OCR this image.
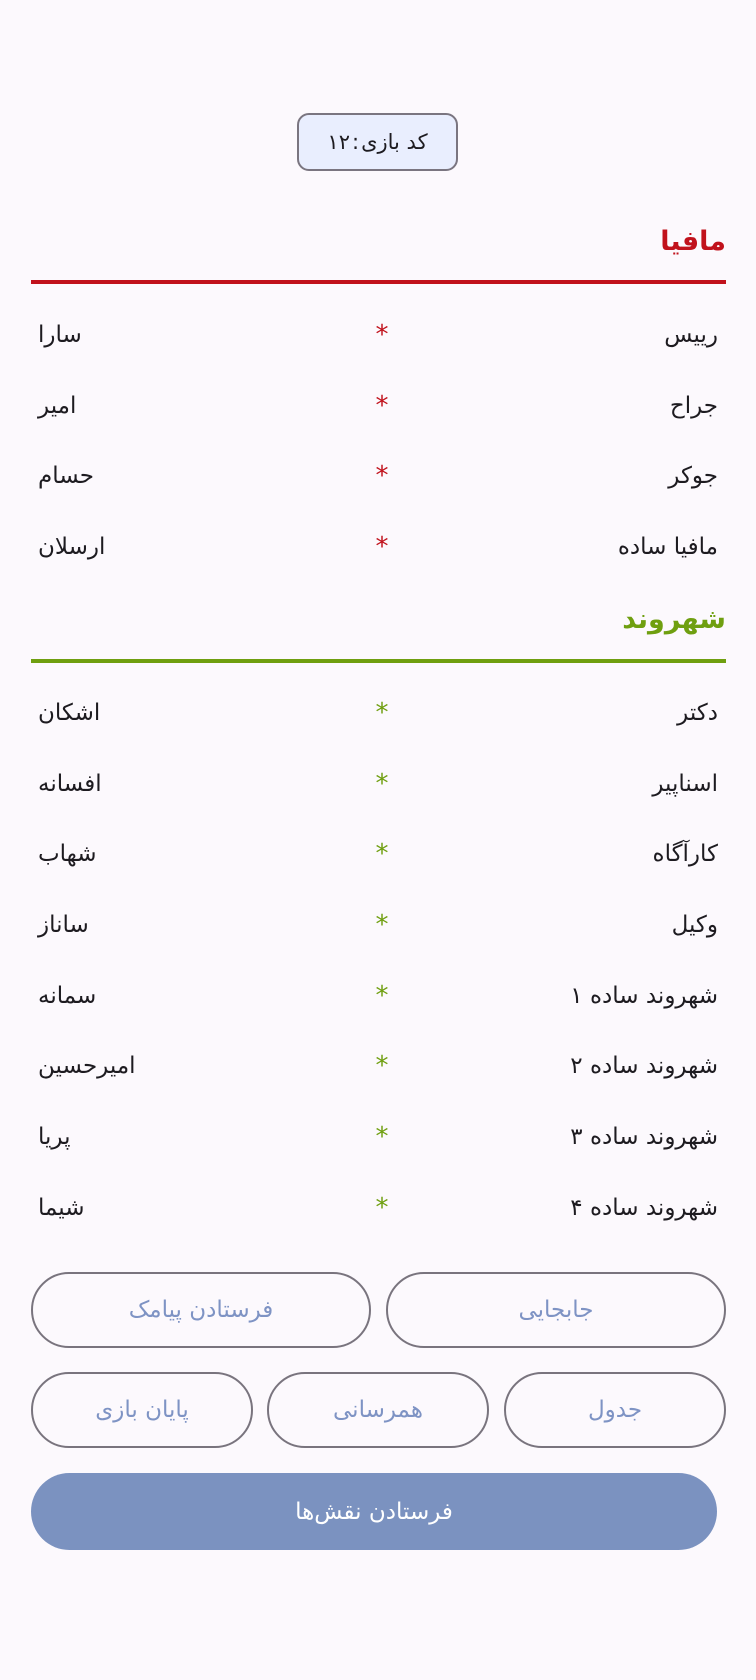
کد بازی
:
۱۲
مافیا
رییس
*
سارا
جراح
*
امیر
جوکر
*
حسام
مافیا ساده
*
ارسلان
شهروند
دکتر
*
اشکان
اسناپیر
*
افسانه
کارآگاه
*
شهاب
وکیل
*
ساناز
شهروند ساده ۱
*
سمانه
شهروند ساده ۲
*
امیرحسین
شهروند ساده ۳
*
پریا
شهروند ساده ۴
*
شیما
جابجایی
فرستادن پیامک
جدول
همرسانی
پایان بازی
فرستادن نقش‌ها
